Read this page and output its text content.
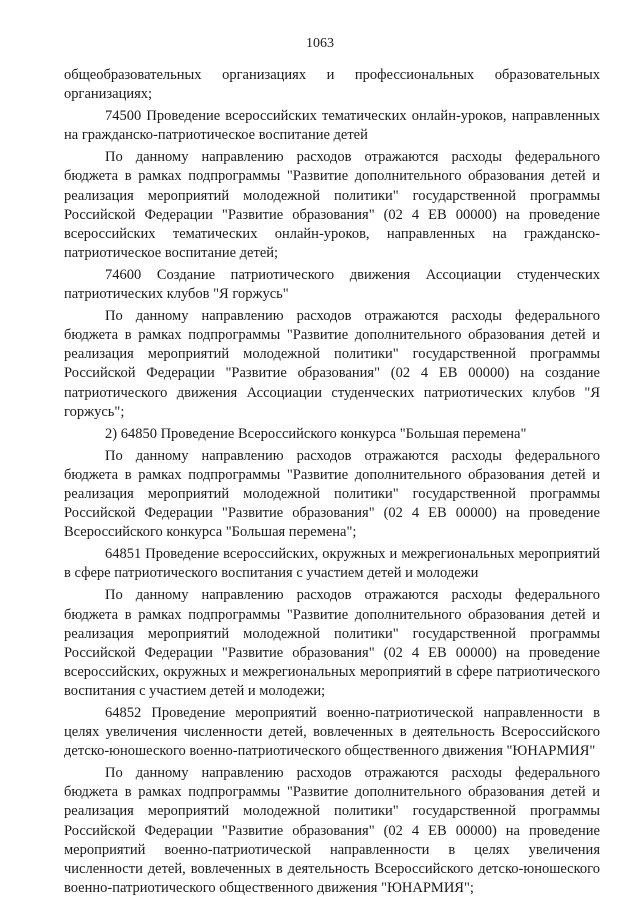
1063

общеобразовательных организациях и профессиональных образовательных организациях;

74500 Проведение всероссийских тематических онлайн-уроков, направленных на гражданско-патриотическое воспитание детей

По данному направлению расходов отражаются расходы федерального бюджета в рамках подпрограммы "Развитие дополнительного образования детей и реализация мероприятий молодежной политики" государственной программы Российской Федерации "Развитие образования" (02 4 ЕВ 00000) на проведение всероссийских тематических онлайн-уроков, направленных на гражданско-патриотическое воспитание детей;

74600 Создание патриотического движения Ассоциации студенческих патриотических клубов "Я горжусь"

По данному направлению расходов отражаются расходы федерального бюджета в рамках подпрограммы "Развитие дополнительного образования детей и реализация мероприятий молодежной политики" государственной программы Российской Федерации "Развитие образования" (02 4 ЕВ 00000) на создание патриотического движения Ассоциации студенческих патриотических клубов "Я горжусь";

2) 64850 Проведение Всероссийского конкурса "Большая перемена"

По данному направлению расходов отражаются расходы федерального бюджета в рамках подпрограммы "Развитие дополнительного образования детей и реализация мероприятий молодежной политики" государственной программы Российской Федерации "Развитие образования" (02 4 ЕВ 00000) на проведение Всероссийского конкурса "Большая перемена";

64851 Проведение всероссийских, окружных и межрегиональных мероприятий в сфере патриотического воспитания с участием детей и молодежи

По данному направлению расходов отражаются расходы федерального бюджета в рамках подпрограммы "Развитие дополнительного образования детей и реализация мероприятий молодежной политики" государственной программы Российской Федерации "Развитие образования" (02 4 ЕВ 00000) на проведение всероссийских, окружных и межрегиональных мероприятий в сфере патриотического воспитания с участием детей и молодежи;

64852 Проведение мероприятий военно-патриотической направленности в целях увеличения численности детей, вовлеченных в деятельность Всероссийского детско-юношеского военно-патриотического общественного движения "ЮНАРМИЯ"

По данному направлению расходов отражаются расходы федерального бюджета в рамках подпрограммы "Развитие дополнительного образования детей и реализация мероприятий молодежной политики" государственной программы Российской Федерации "Развитие образования" (02 4 ЕВ 00000) на проведение мероприятий военно-патриотической направленности в целях увеличения численности детей, вовлеченных в деятельность Всероссийского детско-юношеского военно-патриотического общественного движения "ЮНАРМИЯ";
